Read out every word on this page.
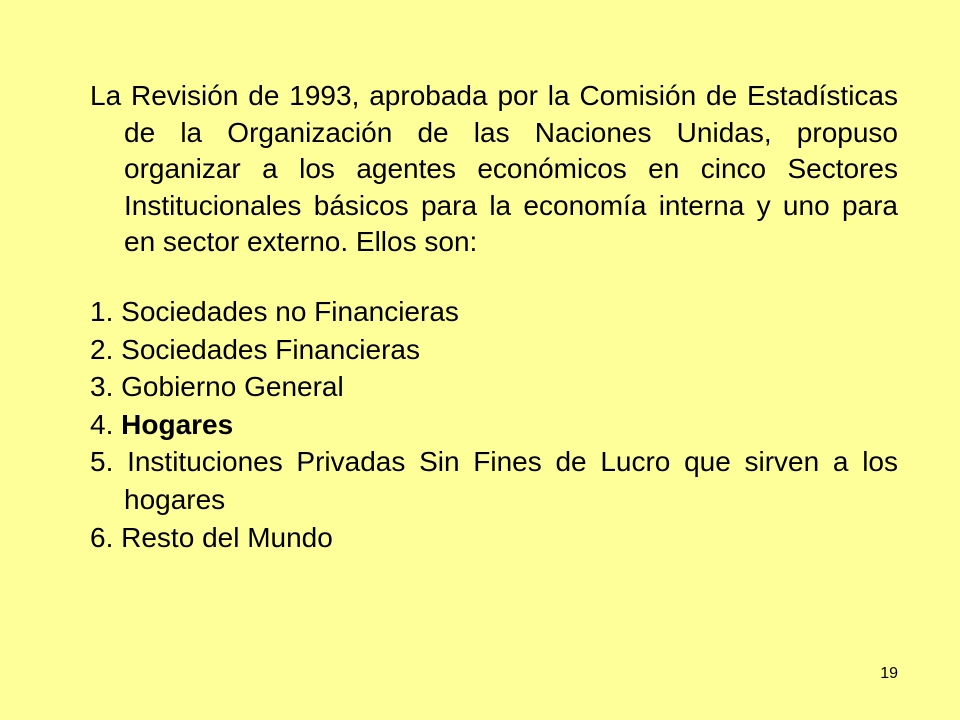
La Revisión de 1993, aprobada por la Comisión de Estadísticas de la Organización de las Naciones Unidas, propuso organizar a los agentes económicos en cinco Sectores Institucionales básicos para la economía interna y uno para en sector externo. Ellos son:

1. Sociedades no Financieras
2. Sociedades Financieras
3. Gobierno General
4. Hogares
5. Instituciones Privadas Sin Fines de Lucro que sirven a los hogares
6. Resto del Mundo
19
